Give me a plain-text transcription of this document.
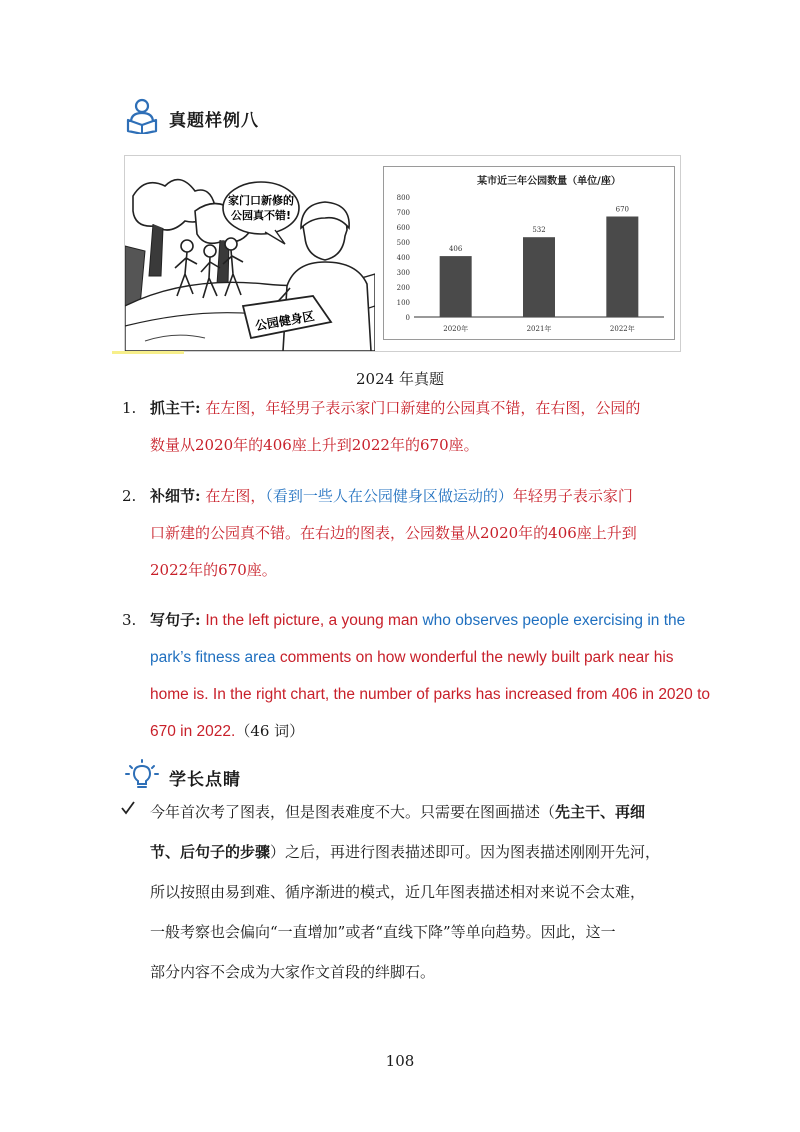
真题样例八
家门口新修的
公园真不错!
公园健身区
某市近三年公园数量（单位/座）
0
100
200
300
400
500
600
700
800
406
2020年
532
2021年
670
2022年
2024 年真题
1. 抓主干: 在左图，年轻男子表示家门口新建的公园真不错，在右图，公园的
数量从2020年的406座上升到2022年的670座。
2. 补细节: 在左图，（看到一些人在公园健身区做运动的）年轻男子表示家门
口新建的公园真不错。在右边的图表，公园数量从2020年的406座上升到
2022年的670座。
3. 写句子: In the left picture, a young man who observes people exercising in the
park’s fitness area comments on how wonderful the newly built park near his
home is. In the right chart, the number of parks has increased from 406 in 2020 to
670 in 2022.（46 词）
学长点睛
今年首次考了图表，但是图表难度不大。只需要在图画描述（先主干、再细
节、后句子的步骤）之后，再进行图表描述即可。因为图表描述刚刚开先河，
所以按照由易到难、循序渐进的模式，近几年图表描述相对来说不会太难，
一般考察也会偏向“一直增加”或者“直线下降”等单向趋势。因此，这一
部分内容不会成为大家作文首段的绊脚石。
108
